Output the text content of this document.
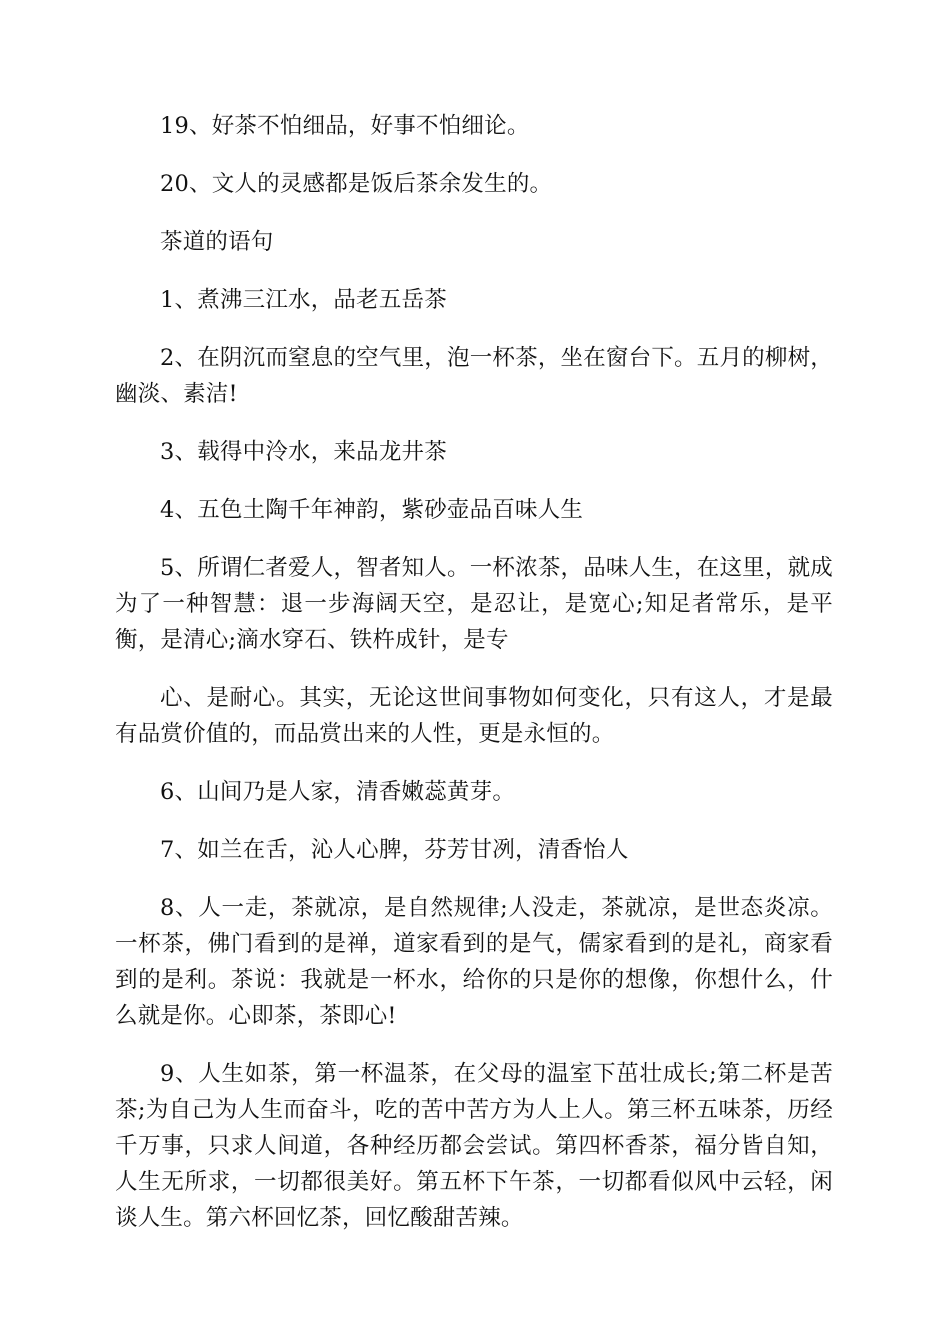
19、好茶不怕细品，好事不怕细论。

20、文人的灵感都是饭后茶余发生的。

茶道的语句

1、煮沸三江水，品老五岳茶

2、在阴沉而窒息的空气里，泡一杯茶，坐在窗台下。五月的柳树，幽淡、素洁!

3、载得中泠水，来品龙井茶

4、五色土陶千年神韵，紫砂壶品百味人生

5、所谓仁者爱人，智者知人。一杯浓茶，品味人生，在这里，就成为了一种智慧：退一步海阔天空，是忍让，是宽心;知足者常乐，是平衡，是清心;滴水穿石、铁杵成针，是专

心、是耐心。其实，无论这世间事物如何变化，只有这人，才是最有品赏价值的，而品赏出来的人性，更是永恒的。

6、山间乃是人家，清香嫩蕊黄芽。

7、如兰在舌，沁人心脾，芬芳甘冽，清香怡人

8、人一走，茶就凉，是自然规律;人没走，茶就凉，是世态炎凉。一杯茶，佛门看到的是禅，道家看到的是气，儒家看到的是礼，商家看到的是利。茶说：我就是一杯水，给你的只是你的想像，你想什么，什么就是你。心即茶，茶即心!

9、人生如茶，第一杯温茶，在父母的温室下茁壮成长;第二杯是苦茶;为自己为人生而奋斗，吃的苦中苦方为人上人。第三杯五味茶，历经千万事，只求人间道，各种经历都会尝试。第四杯香茶，福分皆自知，人生无所求，一切都很美好。第五杯下午茶，一切都看似风中云轻，闲谈人生。第六杯回忆茶，回忆酸甜苦辣。
